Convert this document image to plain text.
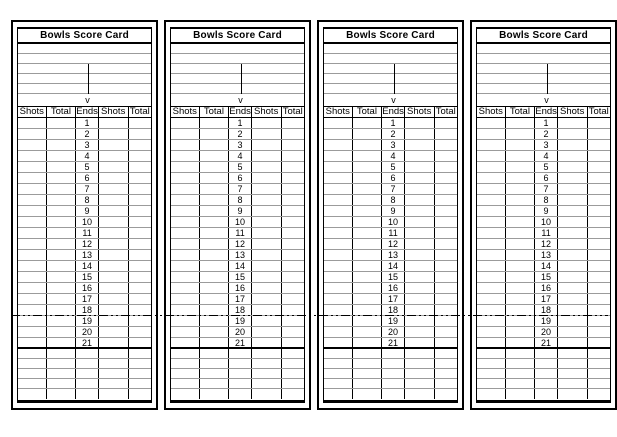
Bowls Score Card
v
Shots Total Ends Shots Total
1
2
3
4
5
6
7
8
9
10
11
12
13
14
15
16
17
18
19
20
21
Bowls Score Card
v
Shots Total Ends Shots Total
1
2
3
4
5
6
7
8
9
10
11
12
13
14
15
16
17
18
19
20
21
Bowls Score Card
v
Shots Total Ends Shots Total
1
2
3
4
5
6
7
8
9
10
11
12
13
14
15
16
17
18
19
20
21
Bowls Score Card
v
Shots Total Ends Shots Total
1
2
3
4
5
6
7
8
9
10
11
12
13
14
15
16
17
18
19
20
21
